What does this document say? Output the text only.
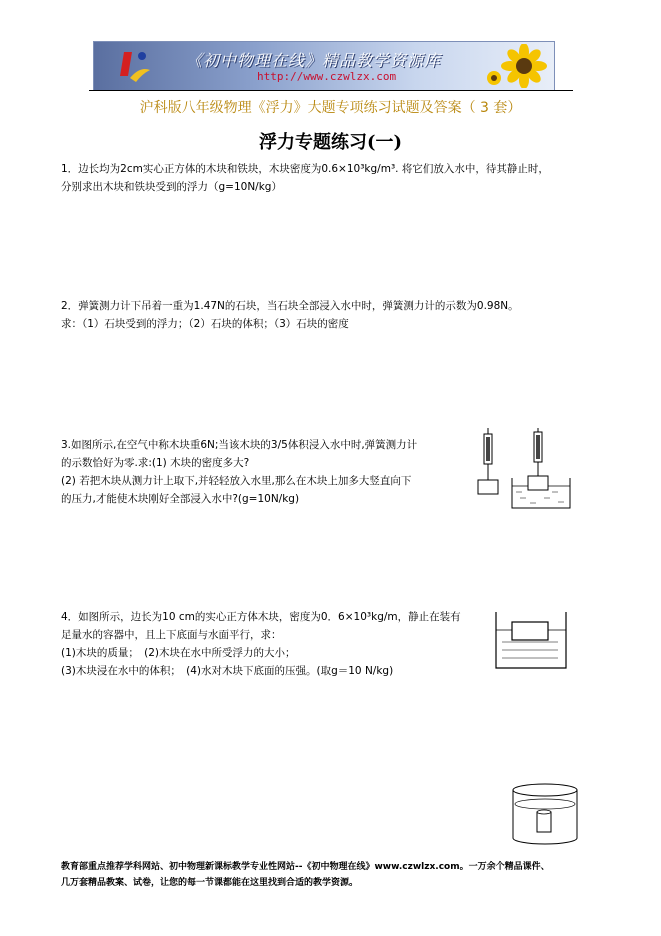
《初中物理在线》精品教学资源库
http://www.czwlzx.com
沪科版八年级物理《浮力》大题专项练习试题及答案（ 3 套）
浮力专题练习(一)
1．边长均为2cm实心正方体的木块和铁块，木块密度为0.6×10³kg/m³. 将它们放入水中，待其静止时，
分别求出木块和铁块受到的浮力（g=10N/kg）
2．弹簧测力计下吊着一重为1.47N的石块，当石块全部浸入水中时，弹簧测力计的示数为0.98N。
求：（1）石块受到的浮力；（2）石块的体积；（3）石块的密度
3.如图所示,在空气中称木块重6N;当该木块的3/5体积浸入水中时,弹簧测力计
的示数恰好为零.求:(1) 木块的密度多大?
(2) 若把木块从测力计上取下,并轻轻放入水里,那么在木块上加多大竖直向下
的压力,才能使木块刚好全部浸入水中?(g=10N/kg)
4．如图所示，边长为10 cm的实心正方体木块，密度为0．6×10³kg/m，静止在装有
足量水的容器中，且上下底面与水面平行，求：
(1)木块的质量；　(2)木块在水中所受浮力的大小；
(3)木块浸在水中的体积；　(4)水对木块下底面的压强。(取g＝10 N/kg)
教育部重点推荐学科网站、初中物理新课标教学专业性网站--《初中物理在线》www.czwlzx.com。一万余个精品课件、
几万套精品教案、试卷，让您的每一节课都能在这里找到合适的教学资源。
